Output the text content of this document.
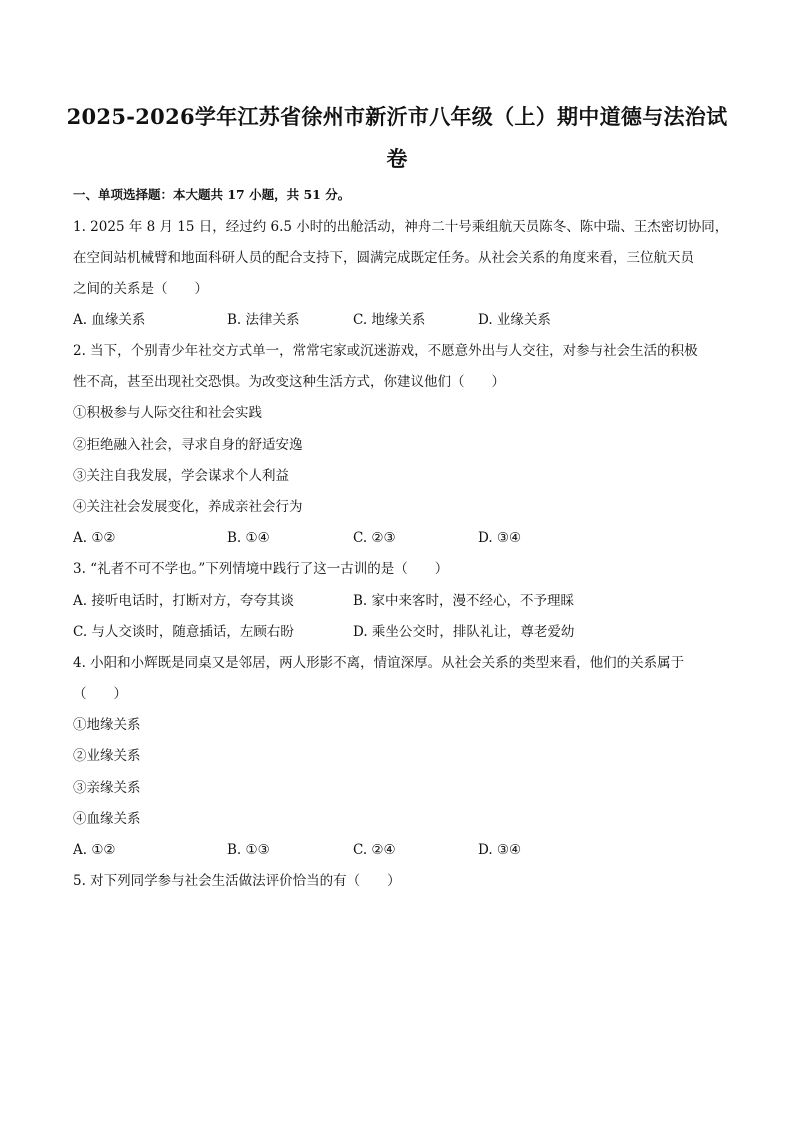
2025-2026学年江苏省徐州市新沂市八年级（上）期中道德与法治试
卷
一、单项选择题：本大题共 17 小题，共 51 分。
1. 2025 年 8 月 15 日，经过约 6.5 小时的出舱活动，神舟二十号乘组航天员陈冬、陈中瑞、王杰密切协同，
在空间站机械臂和地面科研人员的配合支持下，圆满完成既定任务。从社会关系的角度来看，三位航天员
之间的关系是（　　）
A. 血缘关系	B. 法律关系	C. 地缘关系	D. 业缘关系
2. 当下，个别青少年社交方式单一，常常宅家或沉迷游戏，不愿意外出与人交往，对参与社会生活的积极
性不高，甚至出现社交恐惧。为改变这种生活方式，你建议他们（　　）
①积极参与人际交往和社会实践
②拒绝融入社会，寻求自身的舒适安逸
③关注自我发展，学会谋求个人利益
④关注社会发展变化，养成亲社会行为
A. ①②	B. ①④	C. ②③	D. ③④
3. “礼者不可不学也。”下列情境中践行了这一古训的是（　　）
A. 接听电话时，打断对方，夸夸其谈	B. 家中来客时，漫不经心，不予理睬
C. 与人交谈时，随意插话，左顾右盼	D. 乘坐公交时，排队礼让，尊老爱幼
4. 小阳和小辉既是同桌又是邻居，两人形影不离，情谊深厚。从社会关系的类型来看，他们的关系属于
（　　）
①地缘关系
②业缘关系
③亲缘关系
④血缘关系
A. ①②	B. ①③	C. ②④	D. ③④
5. 对下列同学参与社会生活做法评价恰当的有（　　）
